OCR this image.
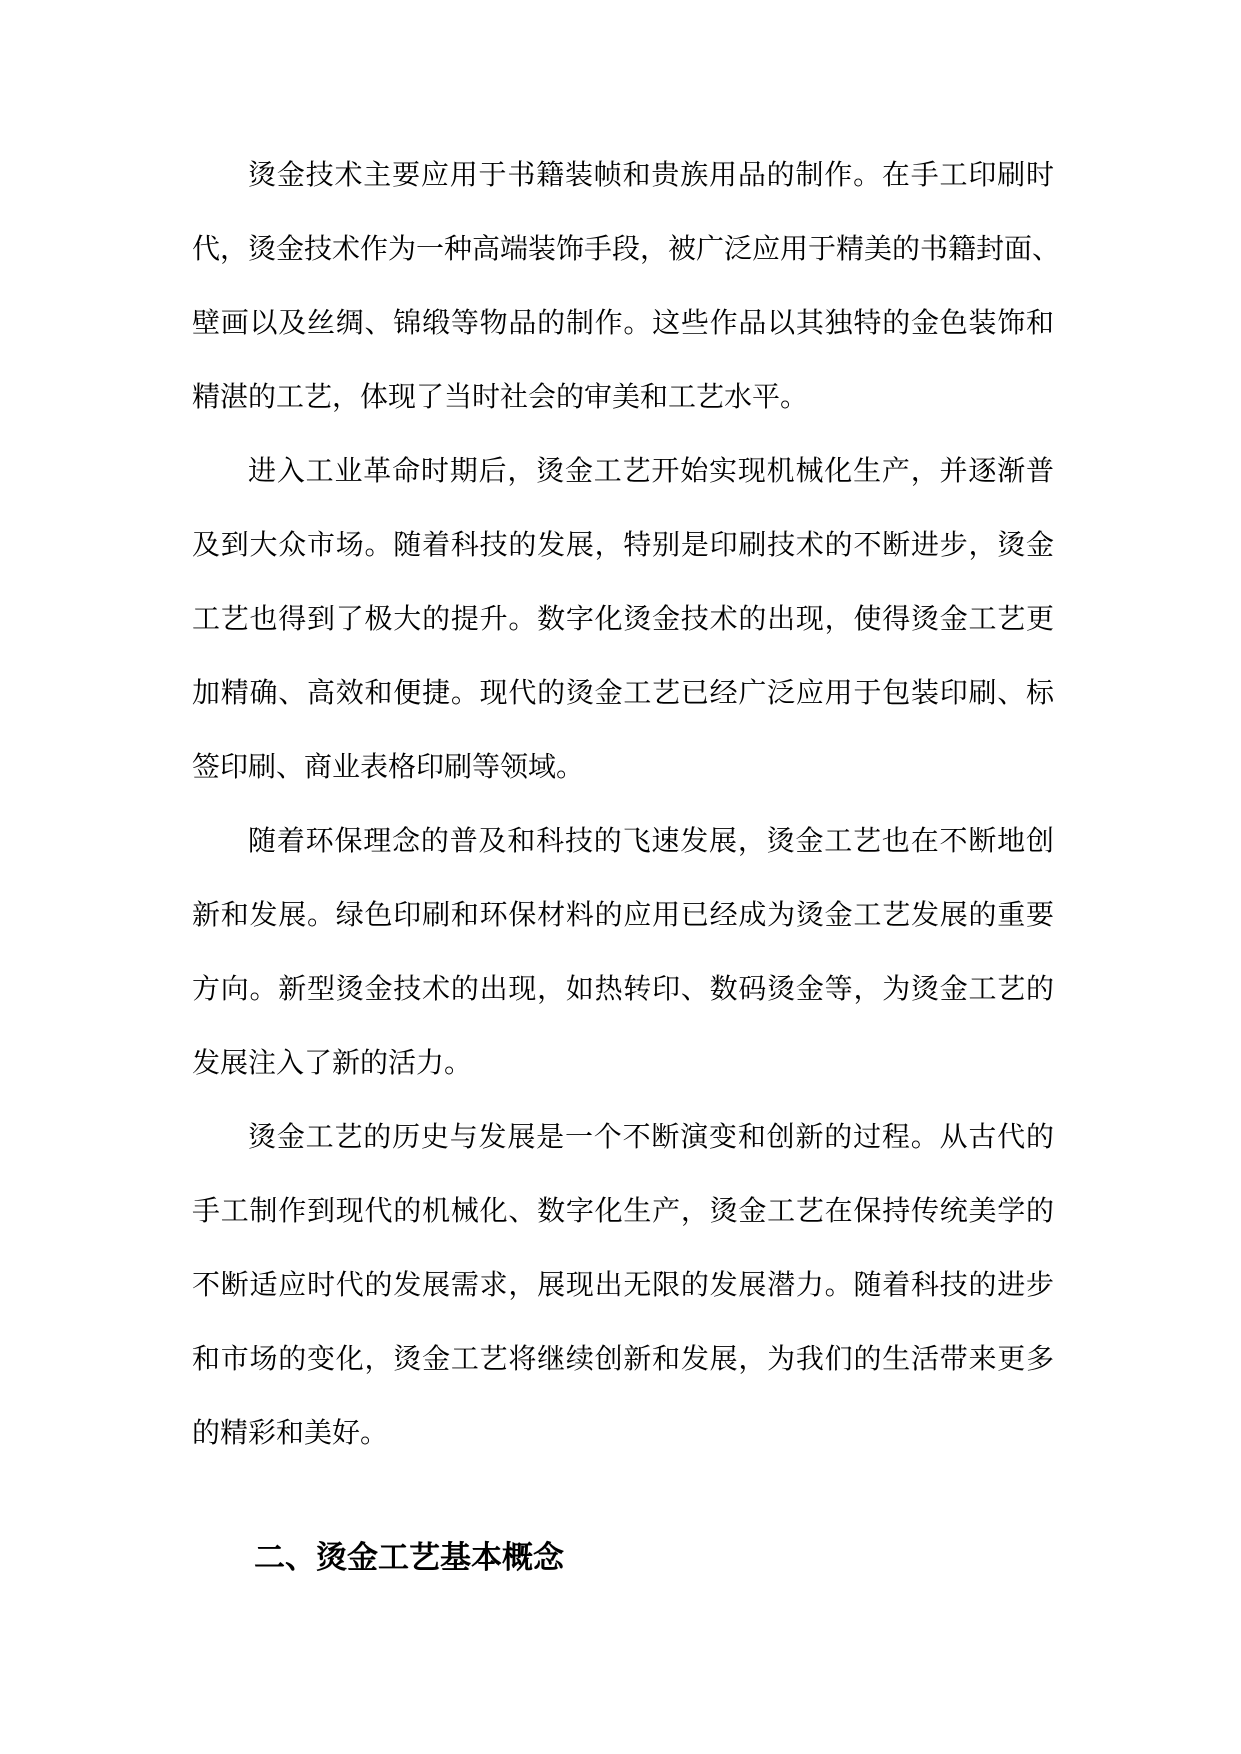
烫金技术主要应用于书籍装帧和贵族用品的制作。在手工印刷时

代，烫金技术作为一种高端装饰手段，被广泛应用于精美的书籍封面、

壁画以及丝绸、锦缎等物品的制作。这些作品以其独特的金色装饰和

精湛的工艺，体现了当时社会的审美和工艺水平。

进入工业革命时期后，烫金工艺开始实现机械化生产，并逐渐普

及到大众市场。随着科技的发展，特别是印刷技术的不断进步，烫金

工艺也得到了极大的提升。数字化烫金技术的出现，使得烫金工艺更

加精确、高效和便捷。现代的烫金工艺已经广泛应用于包装印刷、标

签印刷、商业表格印刷等领域。

随着环保理念的普及和科技的飞速发展，烫金工艺也在不断地创

新和发展。绿色印刷和环保材料的应用已经成为烫金工艺发展的重要

方向。新型烫金技术的出现，如热转印、数码烫金等，为烫金工艺的

发展注入了新的活力。

烫金工艺的历史与发展是一个不断演变和创新的过程。从古代的

手工制作到现代的机械化、数字化生产，烫金工艺在保持传统美学的

不断适应时代的发展需求，展现出无限的发展潜力。随着科技的进步

和市场的变化，烫金工艺将继续创新和发展，为我们的生活带来更多

的精彩和美好。

二、烫金工艺基本概念
